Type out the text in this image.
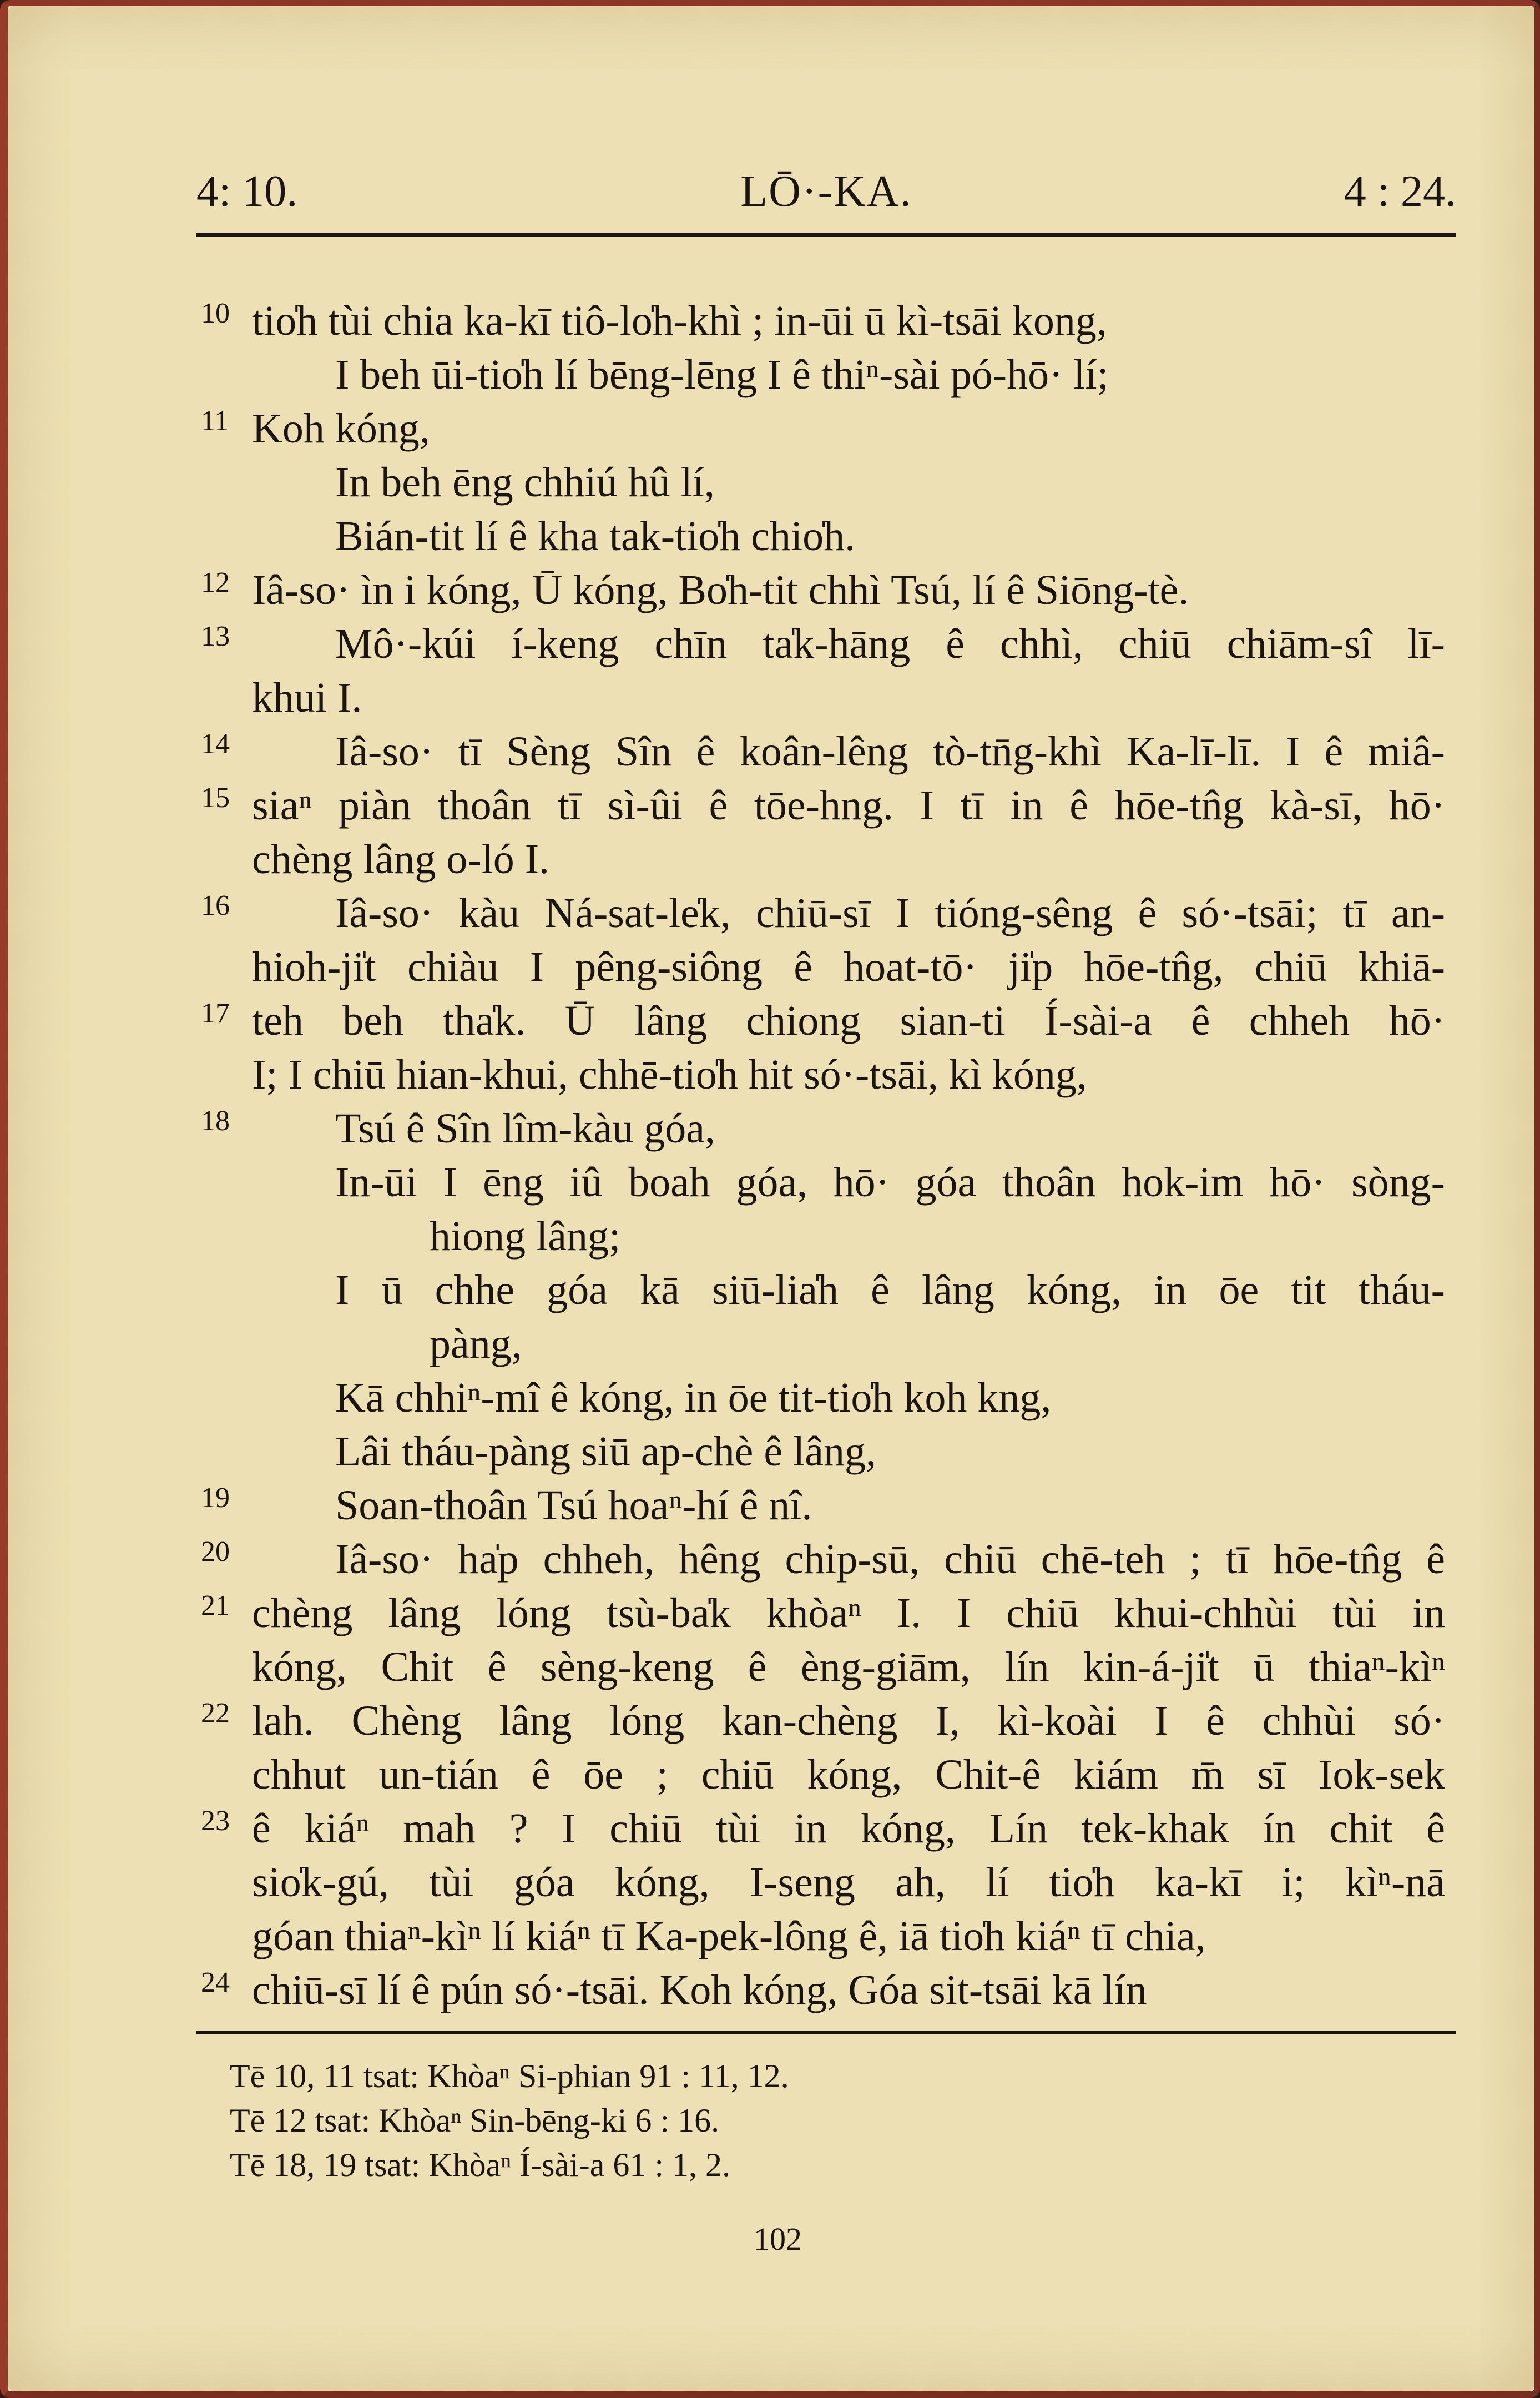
4: 10.	LŌ·-KA.	4 : 24.
10 tio̍h tùi chia ka-kī tiô-lo̍h-khì ; in-ūi ū kì-tsāi kong,
I beh ūi-tio̍h lí bēng-lēng I ê thiⁿ-sài pó-hō· lí;
11 Koh kóng,
In beh ēng chhiú hû lí,
Bián-tit lí ê kha tak-tio̍h chio̍h.
12 Iâ-so· ìn i kóng, Ū kóng, Bo̍h-tit chhì Tsú, lí ê Siōng-tè.
13	Mô·-kúi í-keng chīn ta̍k-hāng ê chhì, chiū chiām-sî lī-
khui I.
14	Iâ-so· tī Sèng Sîn ê koân-lêng tò-tn̄g-khì Ka-lī-lī. I ê miâ-
15 siaⁿ piàn thoân tī sì-ûi ê tōe-hng. I tī in ê hōe-tn̂g kà-sī, hō·
chèng lâng o-ló I.
16	Iâ-so· kàu Ná-sat-le̍k, chiū-sī I tióng-sêng ê só·-tsāi; tī an-
hioh-ji̍t chiàu I pêng-siông ê hoat-tō· ji̍p hōe-tn̂g, chiū khiā-
17 teh beh tha̍k. Ū lâng chiong sian-ti Í-sài-a ê chheh hō·
I; I chiū hian-khui, chhē-tio̍h hit só·-tsāi, kì kóng,
18	Tsú ê Sîn lîm-kàu góa,
In-ūi I ēng iû boah góa, hō· góa thoân hok-im hō· sòng-
hiong lâng;
I ū chhe góa kā siū-lia̍h ê lâng kóng, in ōe tit tháu-
pàng,
Kā chhiⁿ-mî ê kóng, in ōe tit-tio̍h koh kng,
Lâi tháu-pàng siū ap-chè ê lâng,
19	Soan-thoân Tsú hoaⁿ-hí ê nî.
20	Iâ-so· ha̍p chheh, hêng chip-sū, chiū chē-teh ; tī hōe-tn̂g ê
21 chèng lâng lóng tsù-ba̍k khòaⁿ I. I chiū khui-chhùi tùi in
kóng, Chit ê sèng-keng ê èng-giām, lín kin-á-ji̍t ū thiaⁿ-kìⁿ
22 lah. Chèng lâng lóng kan-chèng I, kì-koài I ê chhùi só·
chhut un-tián ê ōe ; chiū kóng, Chit-ê kiám m̄ sī Iok-sek
23 ê kiáⁿ mah ? I chiū tùi in kóng, Lín tek-khak ín chit ê
sio̍k-gú, tùi góa kóng, I-seng ah, lí tio̍h ka-kī i; kìⁿ-nā
góan thiaⁿ-kìⁿ lí kiáⁿ tī Ka-pek-lông ê, iā tio̍h kiáⁿ tī chia,
24 chiū-sī lí ê pún só·-tsāi. Koh kóng, Góa sit-tsāi kā lín
Tē 10, 11 tsat: Khòaⁿ Si-phian 91 : 11, 12.
Tē 12 tsat: Khòaⁿ Sin-bēng-ki 6 : 16.
Tē 18, 19 tsat: Khòaⁿ Í-sài-a 61 : 1, 2.
102
